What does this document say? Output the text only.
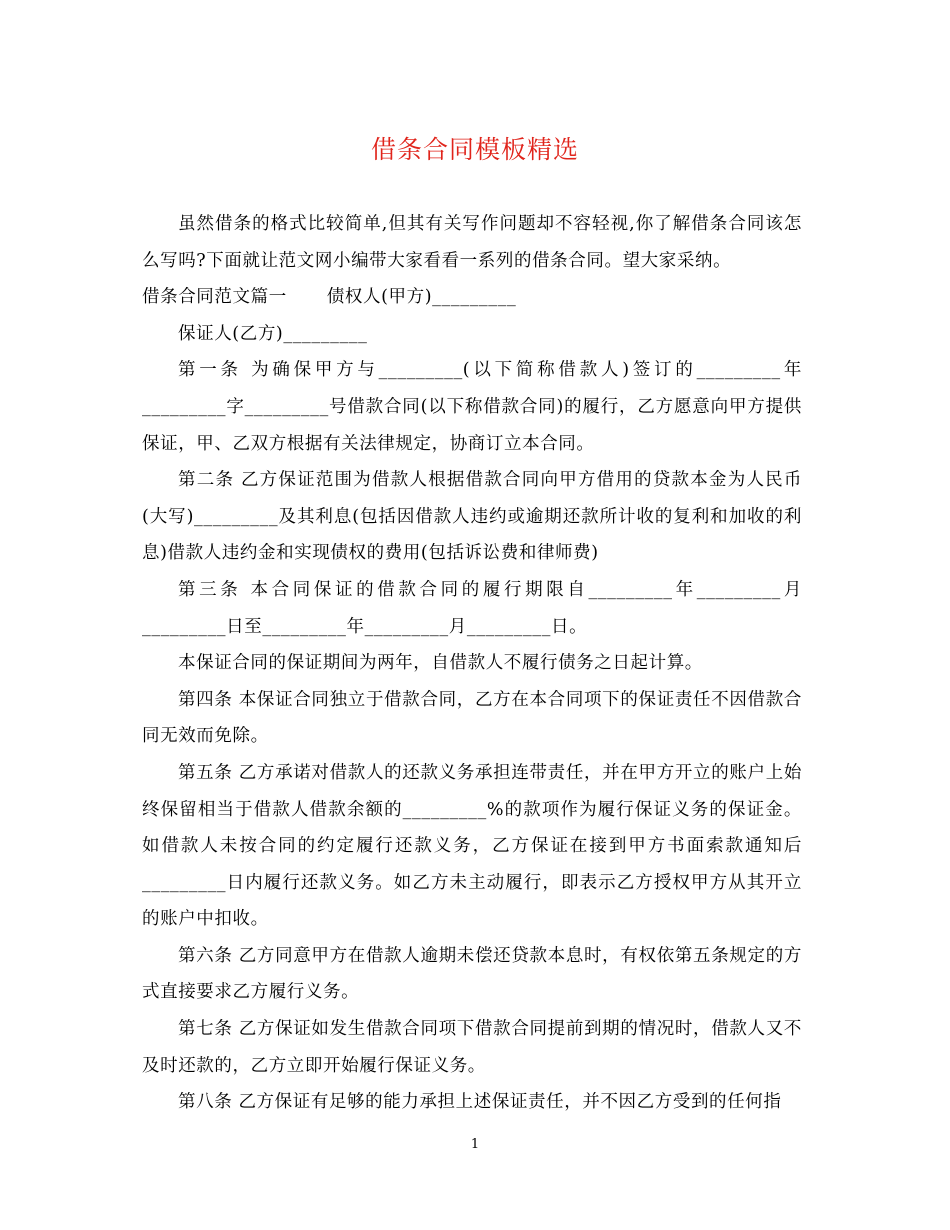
借条合同模板精选

虽然借条的格式比较简单,但其有关写作问题却不容轻视,你了解借条合同该怎么写吗?下面就让范文网小编带大家看看一系列的借条合同。望大家采纳。

借条合同范文篇一 债权人(甲方)_________

保证人(乙方)_________

第一条 为确保甲方与_________(以下简称借款人)签订的_________年_________字_________号借款合同(以下称借款合同)的履行，乙方愿意向甲方提供保证，甲、乙双方根据有关法律规定，协商订立本合同。

第二条 乙方保证范围为借款人根据借款合同向甲方借用的贷款本金为人民币(大写)_________及其利息(包括因借款人违约或逾期还款所计收的复利和加收的利息)借款人违约金和实现债权的费用(包括诉讼费和律师费)

第三条 本合同保证的借款合同的履行期限自_________年_________月_________日至_________年_________月_________日。

本保证合同的保证期间为两年，自借款人不履行债务之日起计算。

第四条 本保证合同独立于借款合同，乙方在本合同项下的保证责任不因借款合同无效而免除。

第五条 乙方承诺对借款人的还款义务承担连带责任，并在甲方开立的账户上始终保留相当于借款人借款余额的_________%的款项作为履行保证义务的保证金。如借款人未按合同的约定履行还款义务，乙方保证在接到甲方书面索款通知后_________日内履行还款义务。如乙方未主动履行，即表示乙方授权甲方从其开立的账户中扣收。

第六条 乙方同意甲方在借款人逾期未偿还贷款本息时，有权依第五条规定的方式直接要求乙方履行义务。

第七条 乙方保证如发生借款合同项下借款合同提前到期的情况时，借款人又不及时还款的，乙方立即开始履行保证义务。

第八条 乙方保证有足够的能力承担上述保证责任，并不因乙方受到的任何指

1
